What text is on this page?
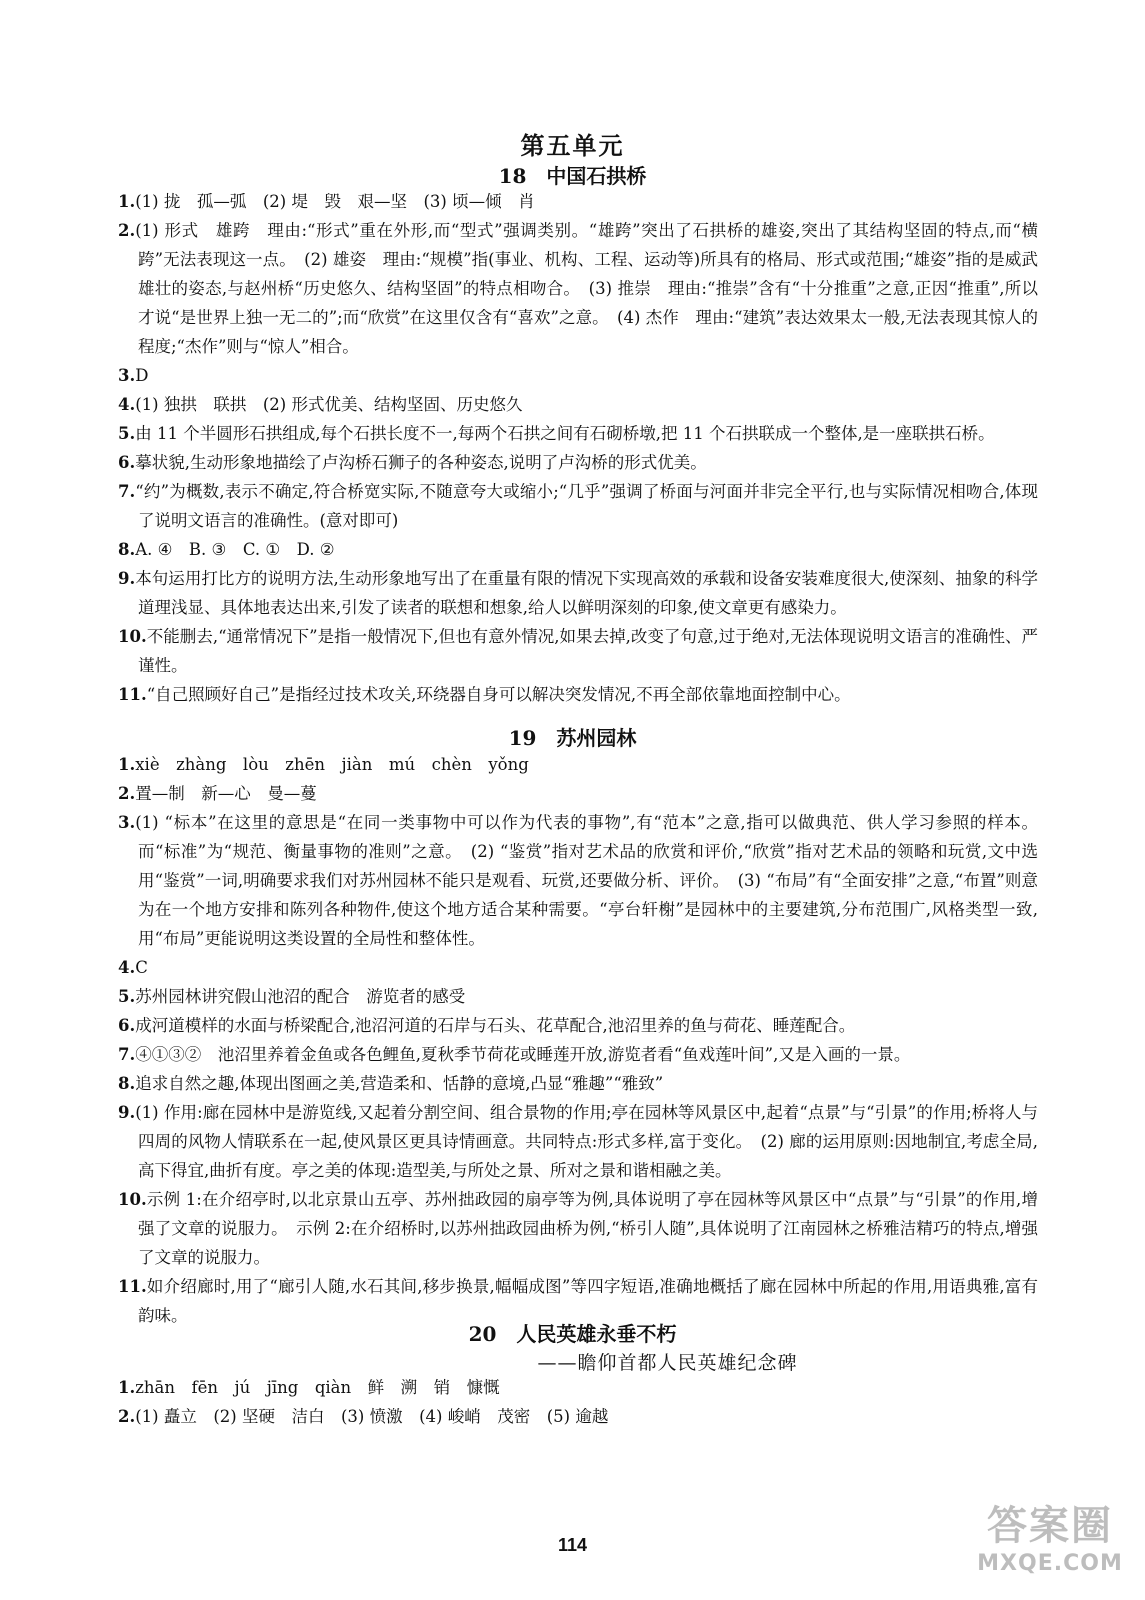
第五单元
18　中国石拱桥
1.(1) 拢　孤—弧　(2) 堤　毁　艰—坚　(3) 顷—倾　肖
2.(1) 形式　雄跨　理由:“形式”重在外形,而“型式”强调类别。“雄跨”突出了石拱桥的雄姿,突出了其结构坚固的特点,而“横跨”无法表现这一点。　(2) 雄姿　理由:“规模”指(事业、机构、工程、运动等)所具有的格局、形式或范围;“雄姿”指的是威武雄壮的姿态,与赵州桥“历史悠久、结构坚固”的特点相吻合。　(3) 推崇　理由:“推崇”含有“十分推重”之意,正因“推重”,所以才说“是世界上独一无二的”;而“欣赏”在这里仅含有“喜欢”之意。　(4) 杰作　理由:“建筑”表达效果太一般,无法表现其惊人的程度;“杰作”则与“惊人”相合。
3.D
4.(1) 独拱　联拱　(2) 形式优美、结构坚固、历史悠久
5.由 11 个半圆形石拱组成,每个石拱长度不一,每两个石拱之间有石砌桥墩,把 11 个石拱联成一个整体,是一座联拱石桥。
6.摹状貌,生动形象地描绘了卢沟桥石狮子的各种姿态,说明了卢沟桥的形式优美。
7.“约”为概数,表示不确定,符合桥宽实际,不随意夸大或缩小;“几乎”强调了桥面与河面并非完全平行,也与实际情况相吻合,体现了说明文语言的准确性。(意对即可)
8.A. ④　B. ③　C. ①　D. ②
9.本句运用打比方的说明方法,生动形象地写出了在重量有限的情况下实现高效的承载和设备安装难度很大,使深刻、抽象的科学道理浅显、具体地表达出来,引发了读者的联想和想象,给人以鲜明深刻的印象,使文章更有感染力。
10.不能删去,“通常情况下”是指一般情况下,但也有意外情况,如果去掉,改变了句意,过于绝对,无法体现说明文语言的准确性、严谨性。
11.“自己照顾好自己”是指经过技术攻关,环绕器自身可以解决突发情况,不再全部依靠地面控制中心。
19　苏州园林
1.xiè　zhàng　lòu　zhēn　jiàn　mú　chèn　yǒng
2.置—制　新—心　曼—蔓
3.(1) “标本”在这里的意思是“在同一类事物中可以作为代表的事物”,有“范本”之意,指可以做典范、供人学习参照的样本。而“标准”为“规范、衡量事物的准则”之意。　(2) “鉴赏”指对艺术品的欣赏和评价,“欣赏”指对艺术品的领略和玩赏,文中选用“鉴赏”一词,明确要求我们对苏州园林不能只是观看、玩赏,还要做分析、评价。　(3) “布局”有“全面安排”之意,“布置”则意为在一个地方安排和陈列各种物件,使这个地方适合某种需要。“亭台轩榭”是园林中的主要建筑,分布范围广,风格类型一致,用“布局”更能说明这类设置的全局性和整体性。
4.C
5.苏州园林讲究假山池沼的配合　游览者的感受
6.成河道模样的水面与桥梁配合,池沼河道的石岸与石头、花草配合,池沼里养的鱼与荷花、睡莲配合。
7.④①③②　池沼里养着金鱼或各色鲤鱼,夏秋季节荷花或睡莲开放,游览者看“鱼戏莲叶间”,又是入画的一景。
8.追求自然之趣,体现出图画之美,营造柔和、恬静的意境,凸显“雅趣”“雅致”
9.(1) 作用:廊在园林中是游览线,又起着分割空间、组合景物的作用;亭在园林等风景区中,起着“点景”与“引景”的作用;桥将人与四周的风物人情联系在一起,使风景区更具诗情画意。共同特点:形式多样,富于变化。　(2) 廊的运用原则:因地制宜,考虑全局,高下得宜,曲折有度。亭之美的体现:造型美,与所处之景、所对之景和谐相融之美。
10.示例 1:在介绍亭时,以北京景山五亭、苏州拙政园的扇亭等为例,具体说明了亭在园林等风景区中“点景”与“引景”的作用,增强了文章的说服力。　示例 2:在介绍桥时,以苏州拙政园曲桥为例,“桥引人随”,具体说明了江南园林之桥雅洁精巧的特点,增强了文章的说服力。
11.如介绍廊时,用了“廊引人随,水石其间,移步换景,幅幅成图”等四字短语,准确地概括了廊在园林中所起的作用,用语典雅,富有韵味。
20　人民英雄永垂不朽
——瞻仰首都人民英雄纪念碑
1.zhān　fēn　jú　jīng　qiàn　鲜　溯　销　慷慨
2.(1) 矗立　(2) 坚硬　洁白　(3) 愤激　(4) 峻峭　茂密　(5) 逾越
114	答案圈
MXQE.COM
